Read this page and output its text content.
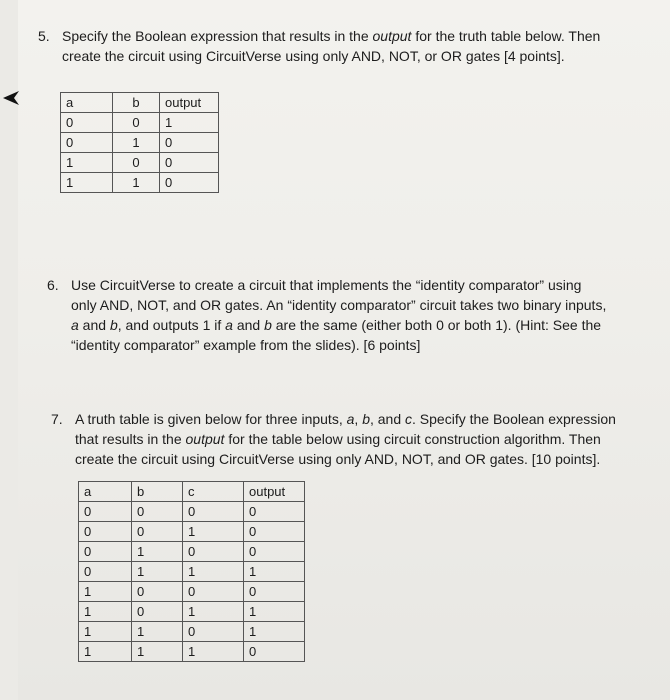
5. Specify the Boolean expression that results in the output for the truth table below. Then
create the circuit using CircuitVerse using only AND, NOT, or OR gates [4 points].
a	b	output
0	0	1
0	1	0
1	0	0
1	1	0
6. Use CircuitVerse to create a circuit that implements the “identity comparator” using
only AND, NOT, and OR gates. An “identity comparator” circuit takes two binary inputs,
a and b, and outputs 1 if a and b are the same (either both 0 or both 1). (Hint: See the
“identity comparator” example from the slides). [6 points]
7. A truth table is given below for three inputs, a, b, and c. Specify the Boolean expression
that results in the output for the table below using circuit construction algorithm. Then
create the circuit using CircuitVerse using only AND, NOT, and OR gates. [10 points].
a	b	c	output
0	0	0	0
0	0	1	0
0	1	0	0
0	1	1	1
1	0	0	0
1	0	1	1
1	1	0	1
1	1	1	0
